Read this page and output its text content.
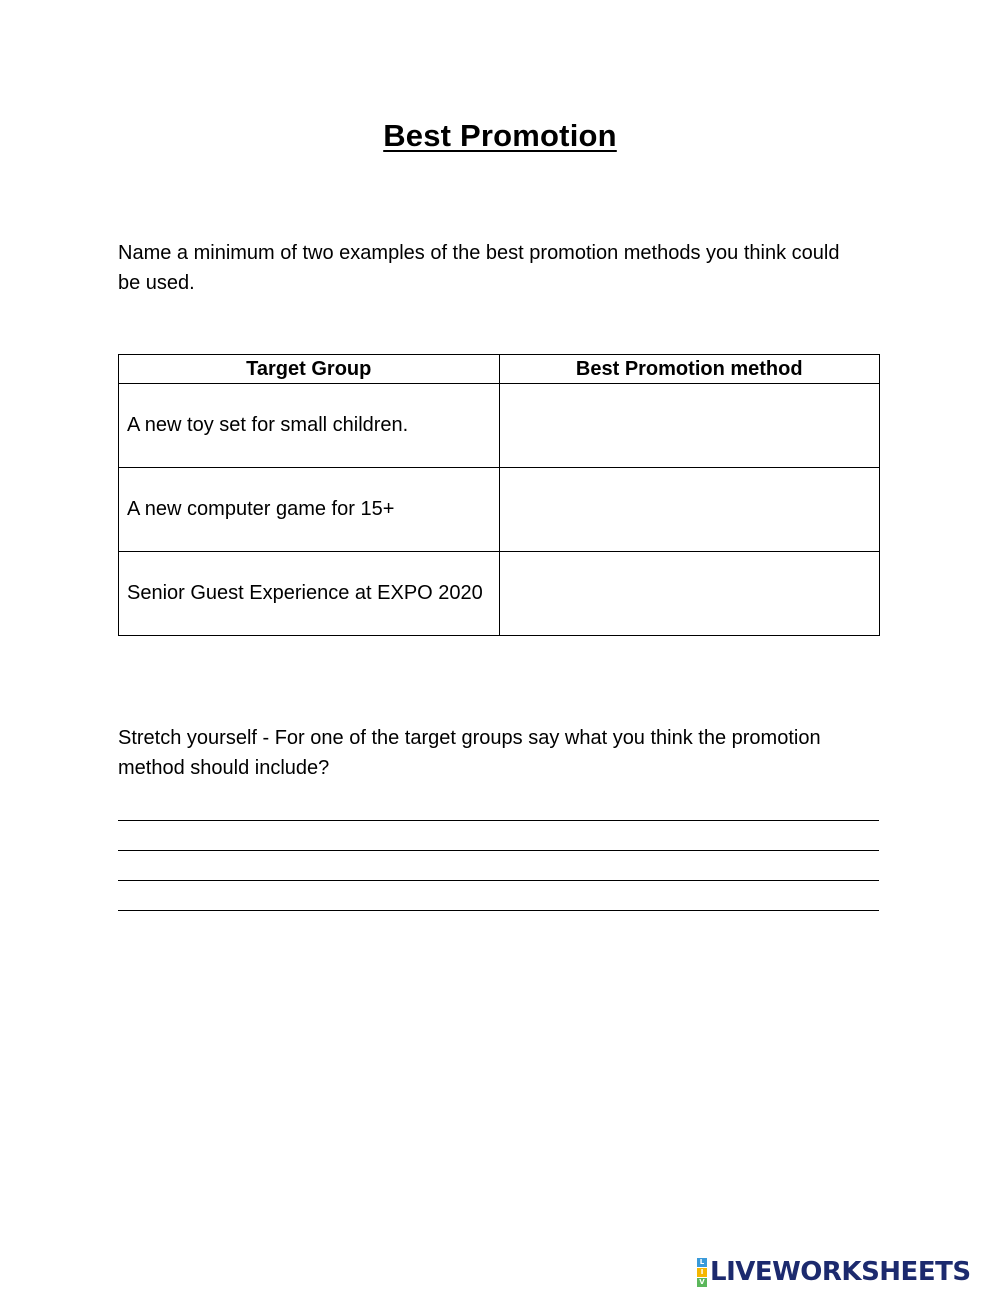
Best Promotion
Name a minimum of two examples of the best promotion methods you think could be used.
Target Group	Best Promotion method
A new toy set for small children.	
A new computer game for 15+	
Senior Guest Experience at EXPO 2020	
Stretch yourself - For one of the target groups say what you think the promotion method should include?
L
I
V LIVEWORKSHEETS
